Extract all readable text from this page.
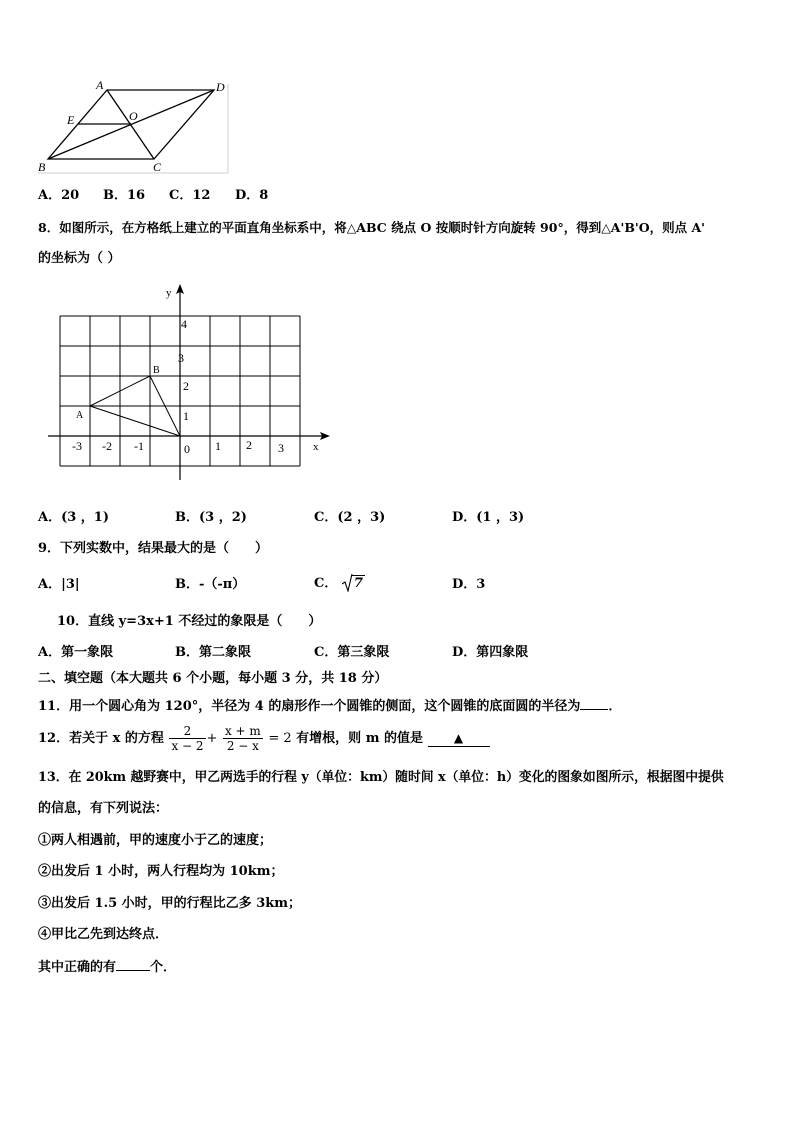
A	D
E	O
B	C
A．20 B．16 C．12 D．8
8．如图所示，在方格纸上建立的平面直角坐标系中，将△ABC 绕点 O 按顺时针方向旋转 90°，得到△A'B'O，则点 A'
的坐标为（ ）
y
x
A
B
-3 -2 -1	0 1 2 3
1
2
3
4
A．(3 ，1)	B．(3 ，2)	C．(2 ，3)	D．(1 ，3)
9．下列实数中，结果最大的是（　　）
A．|3|	B．-（-π）	C． 7	D．3
10．直线 y=3x+1 不经过的象限是（　　）
A．第一象限	B．第二象限	C．第三象限	D．第四象限
二、填空题（本大题共 6 个小题，每小题 3 分，共 18 分）
11．用一个圆心角为 120°，半径为 4 的扇形作一个圆锥的侧面，这个圆锥的底面圆的半径为 ．
12．若关于 x 的方程 $\frac{2}{x - 2} + \frac{x + m}{2 - x} = 2$ 有增根，则 m 的值是	▲
13．在 20km 越野赛中，甲乙两选手的行程 y（单位：km）随时间 x（单位：h）变化的图象如图所示，根据图中提供
的信息，有下列说法：
①两人相遇前，甲的速度小于乙的速度；
②出发后 1 小时，两人行程均为 10km；
③出发后 1.5 小时，甲的行程比乙多 3km；
④甲比乙先到达终点．
其中正确的有	个．
